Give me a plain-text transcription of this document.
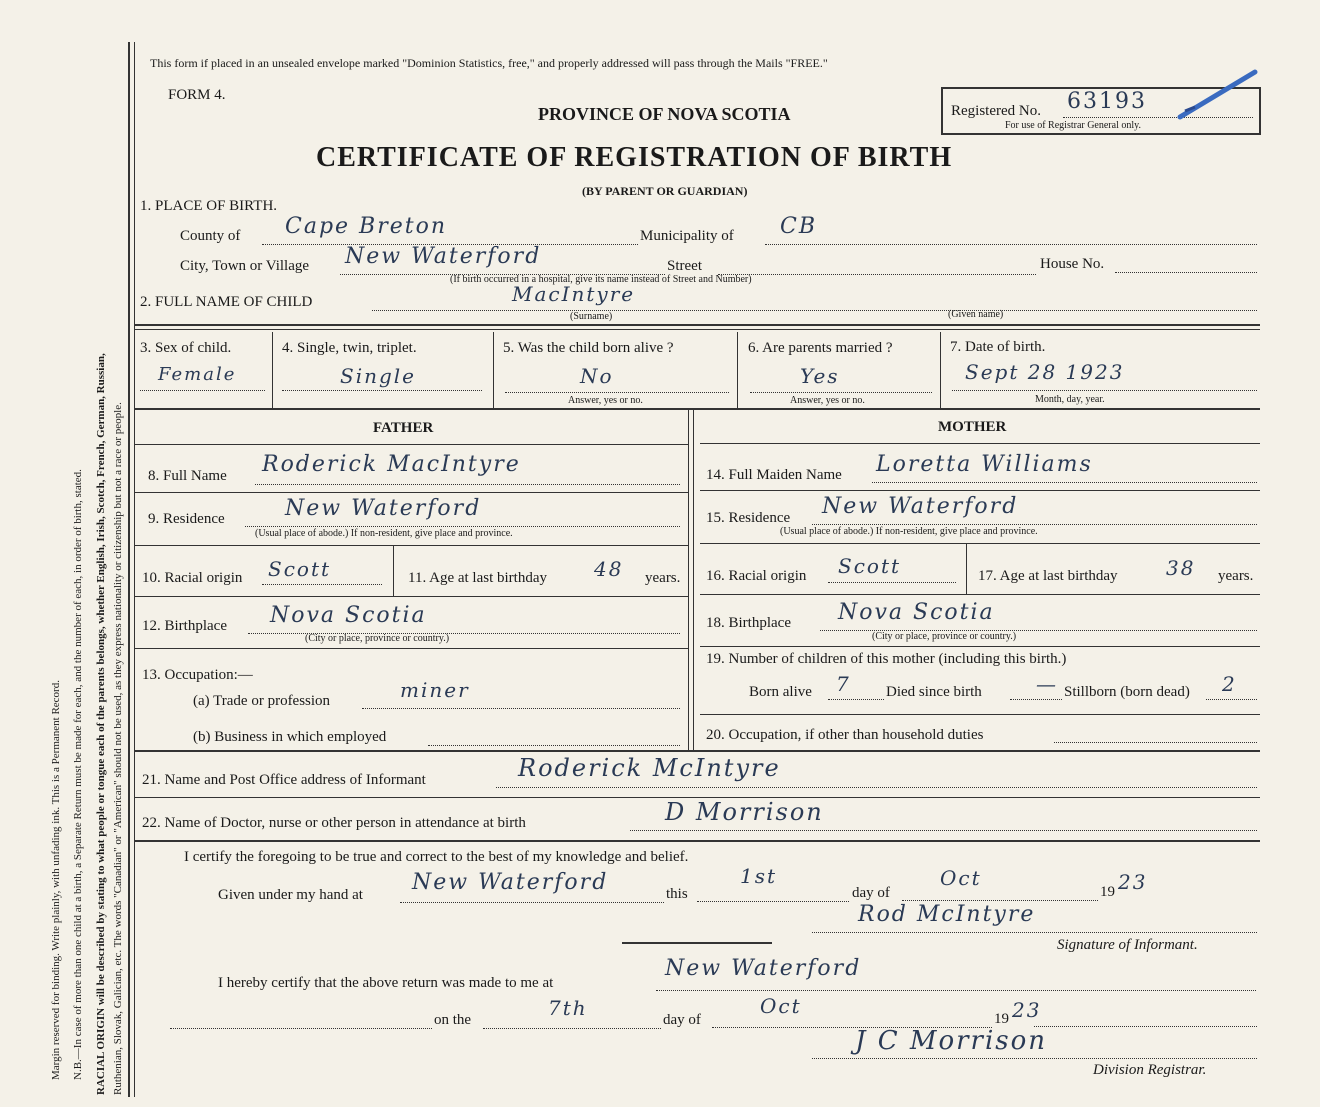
Margin reserved for binding. Write plainly, with unfading ink. This is a Permanent Record. N.B.—In case of more than one child at a birth, a Separate Return must be made for each, and the number of each, in order of birth, stated. RACIAL ORIGIN will be described by stating to what people or tongue each of the parents belongs, whether English, Irish, Scotch, French, German, Russian, Ruthenian, Slovak, Galician, etc. The words "Canadian" or "American" should not be used, as they express nationality or citizenship but not a race or people.
This form if placed in an unsealed envelope marked "Dominion Statistics, free," and properly addressed will pass through the Mails "FREE."
FORM 4.
PROVINCE OF NOVA SCOTIA
CERTIFICATE OF REGISTRATION OF BIRTH
(BY PARENT OR GUARDIAN)
Registered No. 63193
For use of Registrar General only.
1. PLACE OF BIRTH.
County of Cape Breton	Municipality of CB
City, Town or Village New Waterford	Street	House No.
(If birth occurred in a hospital, give its name instead of Street and Number)
2. FULL NAME OF CHILD	MacIntyre
(Surname)	(Given name)
3. Sex of child.
Female
4. Single, twin, triplet.
Single
5. Was the child born alive ?
No
Answer, yes or no.
6. Are parents married ?
Yes
Answer, yes or no.
7. Date of birth.
Sept 28 1923
Month, day, year.
FATHER
8. Full Name Roderick MacIntyre
9. Residence	New Waterford
(Usual place of abode.) If non-resident, give place and province.
10. Racial origin Scott	11. Age at last birthday 48 years.
12. Birthplace Nova Scotia
(City or place, province or country.)
13. Occupation:—
(a) Trade or profession	miner
(b) Business in which employed
MOTHER
14. Full Maiden Name Loretta Williams
15. Residence New Waterford
(Usual place of abode.) If non-resident, give place and province.
16. Racial origin Scott	17. Age at last birthday 38 years.
18. Birthplace Nova Scotia
(City or place, province or country.)
19. Number of children of this mother (including this birth.)
Born alive 7 Died since birth	— Stillborn (born dead) 2
20. Occupation, if other than household duties
21. Name and Post Office address of Informant	Roderick McIntyre
22. Name of Doctor, nurse or other person in attendance at birth	D Morrison
I certify the foregoing to be true and correct to the best of my knowledge and belief.
Given under my hand at New Waterford	this
1st
day of
Oct
19 23
Rod McIntyre
Signature of Informant.
I hereby certify that the above return was made to me at
New Waterford
on the	7th	day of
Oct
19 23
J C Morrison
Division Registrar.
